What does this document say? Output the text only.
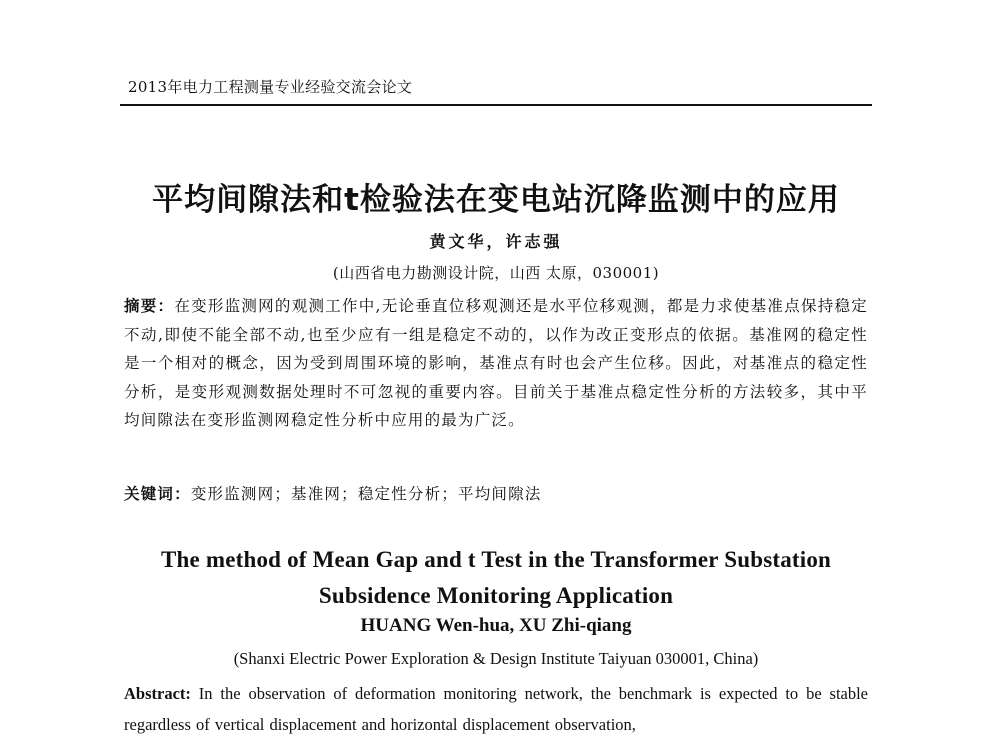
2013年电力工程测量专业经验交流会论文
平均间隙法和t检验法在变电站沉降监测中的应用
黄文华，许志强
(山西省电力勘测设计院，山西 太原，030001)
摘要：在变形监测网的观测工作中,无论垂直位移观测还是水平位移观测，都是力求使基准点保持稳定不动,即使不能全部不动,也至少应有一组是稳定不动的，以作为改正变形点的依据。基准网的稳定性是一个相对的概念，因为受到周围环境的影响，基准点有时也会产生位移。因此，对基准点的稳定性分析，是变形观测数据处理时不可忽视的重要内容。目前关于基准点稳定性分析的方法较多，其中平均间隙法在变形监测网稳定性分析中应用的最为广泛。
关键词：变形监测网；基准网；稳定性分析；平均间隙法
The method of Mean Gap and t Test in the Transformer Substation Subsidence Monitoring Application
HUANG Wen-hua, XU Zhi-qiang
(Shanxi Electric Power Exploration & Design Institute Taiyuan 030001, China)
Abstract: In the observation of deformation monitoring network, the benchmark is expected to be stable regardless of vertical displacement and horizontal displacement observation,
